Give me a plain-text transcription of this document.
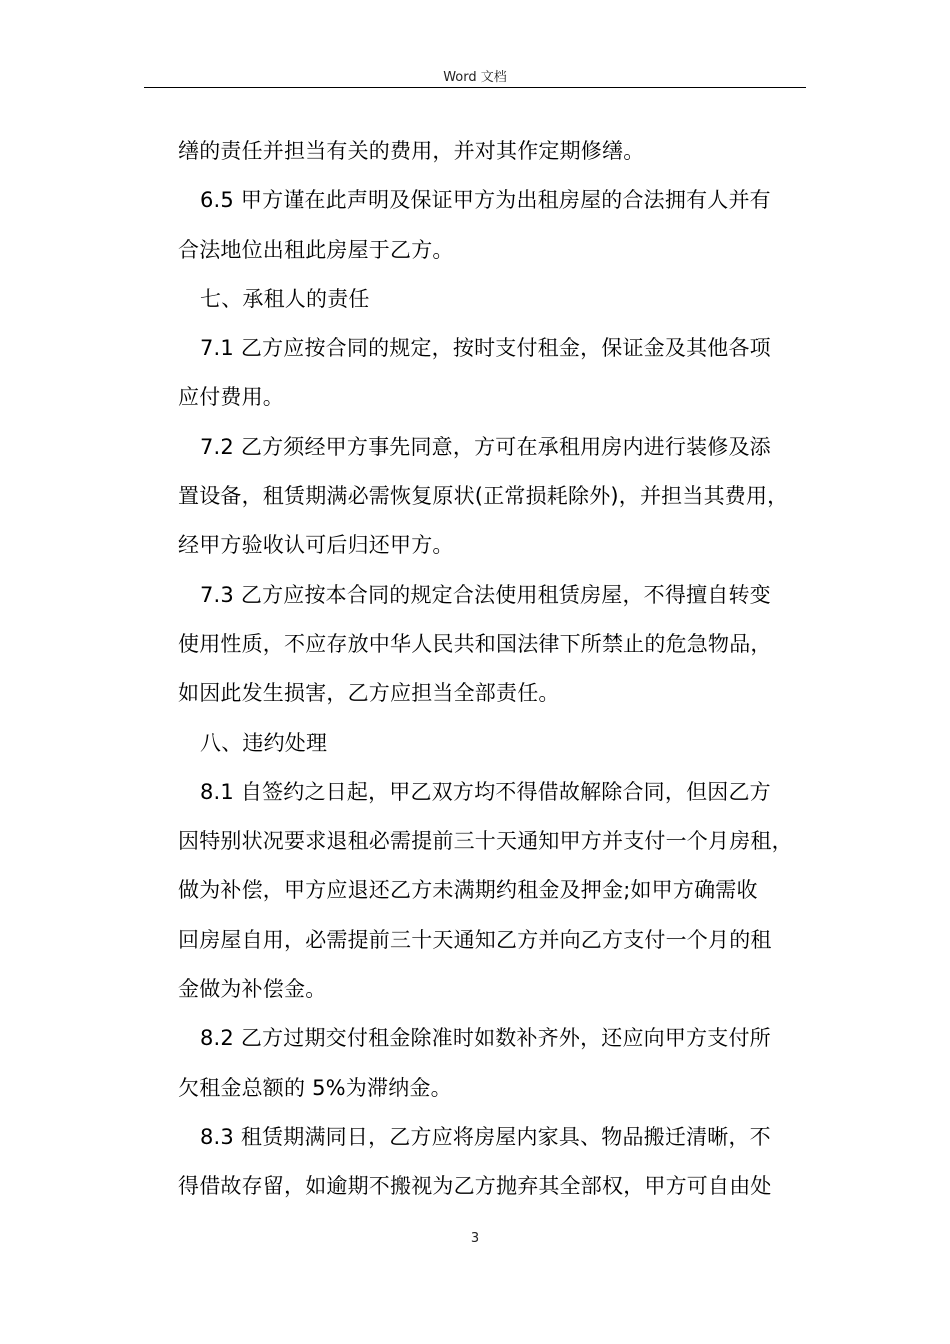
Word 文档
缮的责任并担当有关的费用，并对其作定期修缮。
6.5 甲方谨在此声明及保证甲方为出租房屋的合法拥有人并有
合法地位出租此房屋于乙方。
七、承租人的责任
7.1 乙方应按合同的规定，按时支付租金，保证金及其他各项
应付费用。
7.2 乙方须经甲方事先同意，方可在承租用房内进行装修及添
置设备，租赁期满必需恢复原状(正常损耗除外)，并担当其费用，
经甲方验收认可后归还甲方。
7.3 乙方应按本合同的规定合法使用租赁房屋，不得擅自转变
使用性质，不应存放中华人民共和国法律下所禁止的危急物品，
如因此发生损害，乙方应担当全部责任。
八、违约处理
8.1 自签约之日起，甲乙双方均不得借故解除合同，但因乙方
因特别状况要求退租必需提前三十天通知甲方并支付一个月房租，
做为补偿，甲方应退还乙方未满期约租金及押金;如甲方确需收
回房屋自用，必需提前三十天通知乙方并向乙方支付一个月的租
金做为补偿金。
8.2 乙方过期交付租金除准时如数补齐外，还应向甲方支付所
欠租金总额的 5%为滞纳金。
8.3 租赁期满同日，乙方应将房屋内家具、物品搬迁清晰，不
得借故存留，如逾期不搬视为乙方抛弃其全部权，甲方可自由处
3
